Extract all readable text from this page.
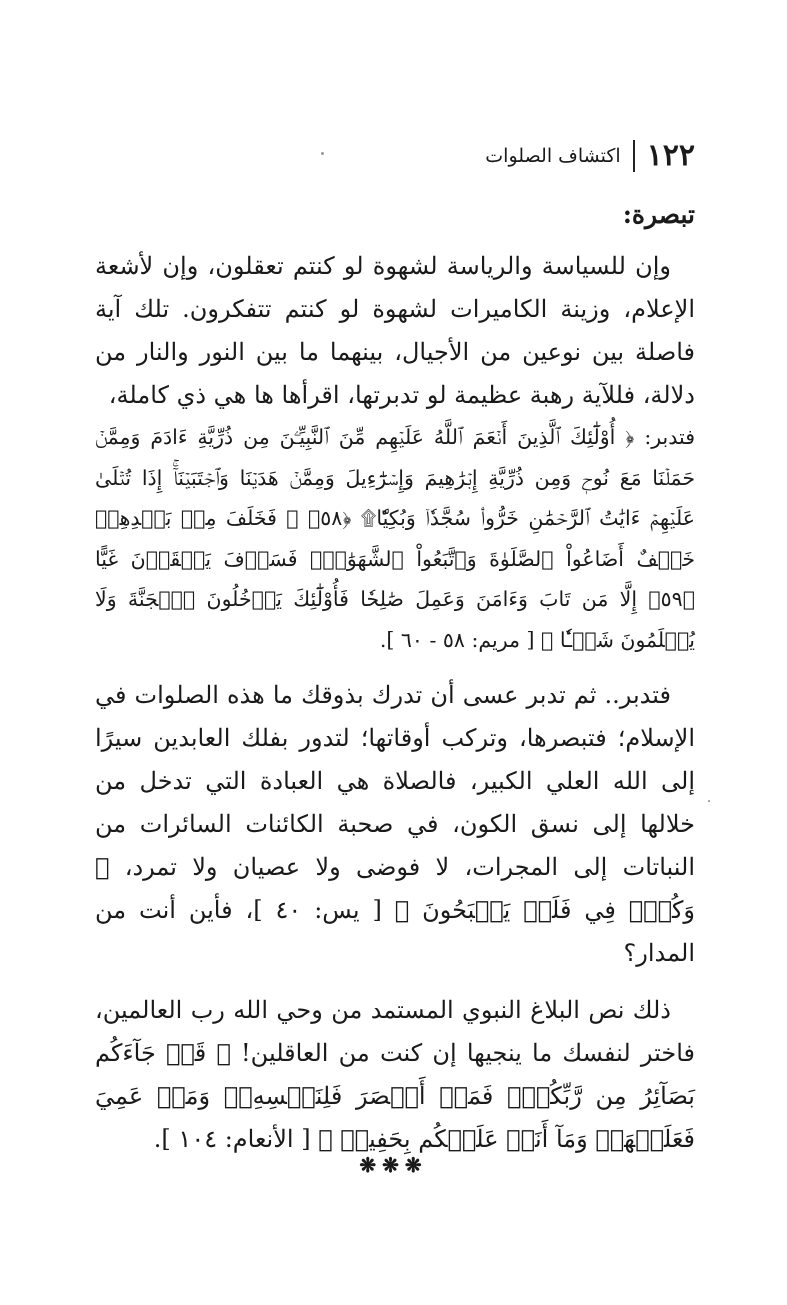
١٢٢
اكتشاف الصلوات
تبصرة:

وإن للسياسة والرياسة لشهوة لو كنتم تعقلون، وإن لأشعة الإعلام، وزينة الكاميرات لشهوة لو كنتم تتفكرون. تلك آية فاصلة بين نوعين من الأجيال، بينهما ما بين النور والنار من دلالة، فللآية رهبة عظيمة لو تدبرتها، اقرأها ها هي ذي كاملة،

فتدبر: ﴿ أُوْلَٰٓئِكَ ٱلَّذِينَ أَنۡعَمَ ٱللَّهُ عَلَيۡهِم مِّنَ ٱلنَّبِيِّـۧنَ مِن ذُرِّيَّةِ ءَادَمَ وَمِمَّنۡ حَمَلۡنَا مَعَ نُوحٖ وَمِن ذُرِّيَّةِ إِبۡرَٰهِيمَ وَإِسۡرَٰٓءِيلَ وَمِمَّنۡ هَدَيۡنَا وَٱجۡتَبَيۡنَآۚ إِذَا تُتۡلَىٰ عَلَيۡهِمۡ ءَايَٰتُ ٱلرَّحۡمَٰنِ خَرُّواْۤ سُجَّدٗاۤ وَبُكِيّٗا۩ ﴿٥٨﴾ ۞ فَخَلَفَ مِنۢ بَعۡدِهِمۡ خَلۡفٌ أَضَاعُواْ ٱلصَّلَوٰةَ وَٱتَّبَعُواْ ٱلشَّهَوَٰتِۖ فَسَوۡفَ يَلۡقَوۡنَ غَيًّا ﴿٥٩﴾ إِلَّا مَن تَابَ وَءَامَنَ وَعَمِلَ صَٰلِحٗا فَأُوْلَٰٓئِكَ يَدۡخُلُونَ ٱلۡجَنَّةَ وَلَا يُظۡلَمُونَ شَيۡـٔٗا ﴾ [ مريم: ٥٨ - ٦٠ ].

فتدبر.. ثم تدبر عسى أن تدرك بذوقك ما هذه الصلوات في الإسلام؛ فتبصرها، وتركب أوقاتها؛ لتدور بفلك العابدين سيرًا إلى الله العلي الكبير، فالصلاة هي العبادة التي تدخل من خلالها إلى نسق الكون، في صحبة الكائنات السائرات من النباتات إلى المجرات، لا فوضى ولا عصيان ولا تمرد، ﴿ وَكُلّٞ فِي فَلَكٖ يَسۡبَحُونَ ﴾ [ يس: ٤٠ ]، فأين أنت من المدار؟

ذلك نص البلاغ النبوي المستمد من وحي الله رب العالمين، فاختر لنفسك ما ينجيها إن كنت من العاقلين! ﴿ قَدۡ جَآءَكُم بَصَآئِرُ مِن رَّبِّكُمۡۖ فَمَنۡ أَبۡصَرَ فَلِنَفۡسِهِۦۖ وَمَنۡ عَمِيَ فَعَلَيۡهَاۚ وَمَآ أَنَا۠ عَلَيۡكُم بِحَفِيظٖ ﴾ [ الأنعام: ١٠٤ ].

❋❋❋
